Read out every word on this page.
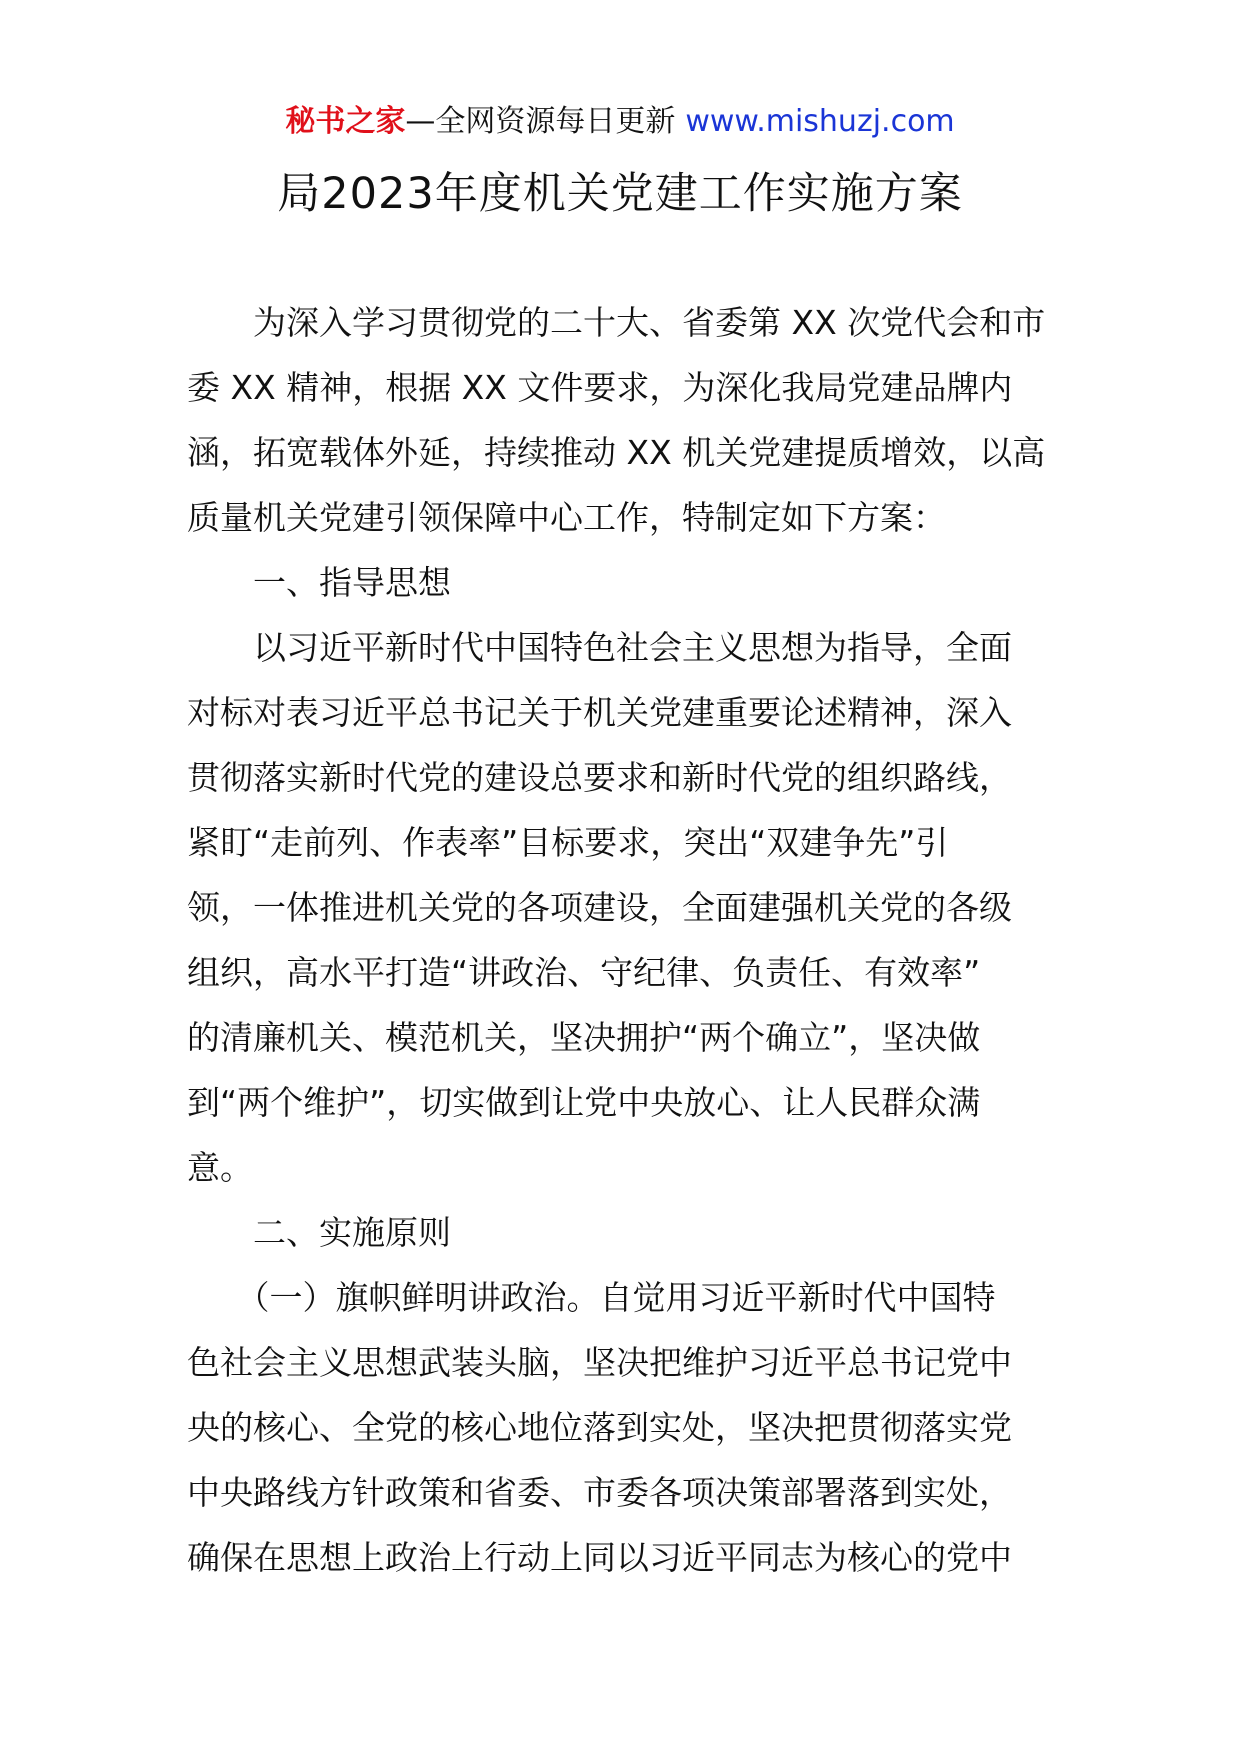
秘书之家—全网资源每日更新 www.mishuzj.com
局2023年度机关党建工作实施方案
　　为深入学习贯彻党的二十大、省委第 XX 次党代会和市
委 XX 精神，根据 XX 文件要求，为深化我局党建品牌内
涵，拓宽载体外延，持续推动 XX 机关党建提质增效，以高
质量机关党建引领保障中心工作，特制定如下方案：
　　一、指导思想
　　以习近平新时代中国特色社会主义思想为指导，全面
对标对表习近平总书记关于机关党建重要论述精神，深入
贯彻落实新时代党的建设总要求和新时代党的组织路线，
紧盯“走前列、作表率”目标要求，突出“双建争先”引
领，一体推进机关党的各项建设，全面建强机关党的各级
组织，高水平打造“讲政治、守纪律、负责任、有效率”
的清廉机关、模范机关，坚决拥护“两个确立”，坚决做
到“两个维护”，切实做到让党中央放心、让人民群众满
意。
　　二、实施原则
　　（一）旗帜鲜明讲政治。自觉用习近平新时代中国特
色社会主义思想武装头脑，坚决把维护习近平总书记党中
央的核心、全党的核心地位落到实处，坚决把贯彻落实党
中央路线方针政策和省委、市委各项决策部署落到实处，
确保在思想上政治上行动上同以习近平同志为核心的党中
